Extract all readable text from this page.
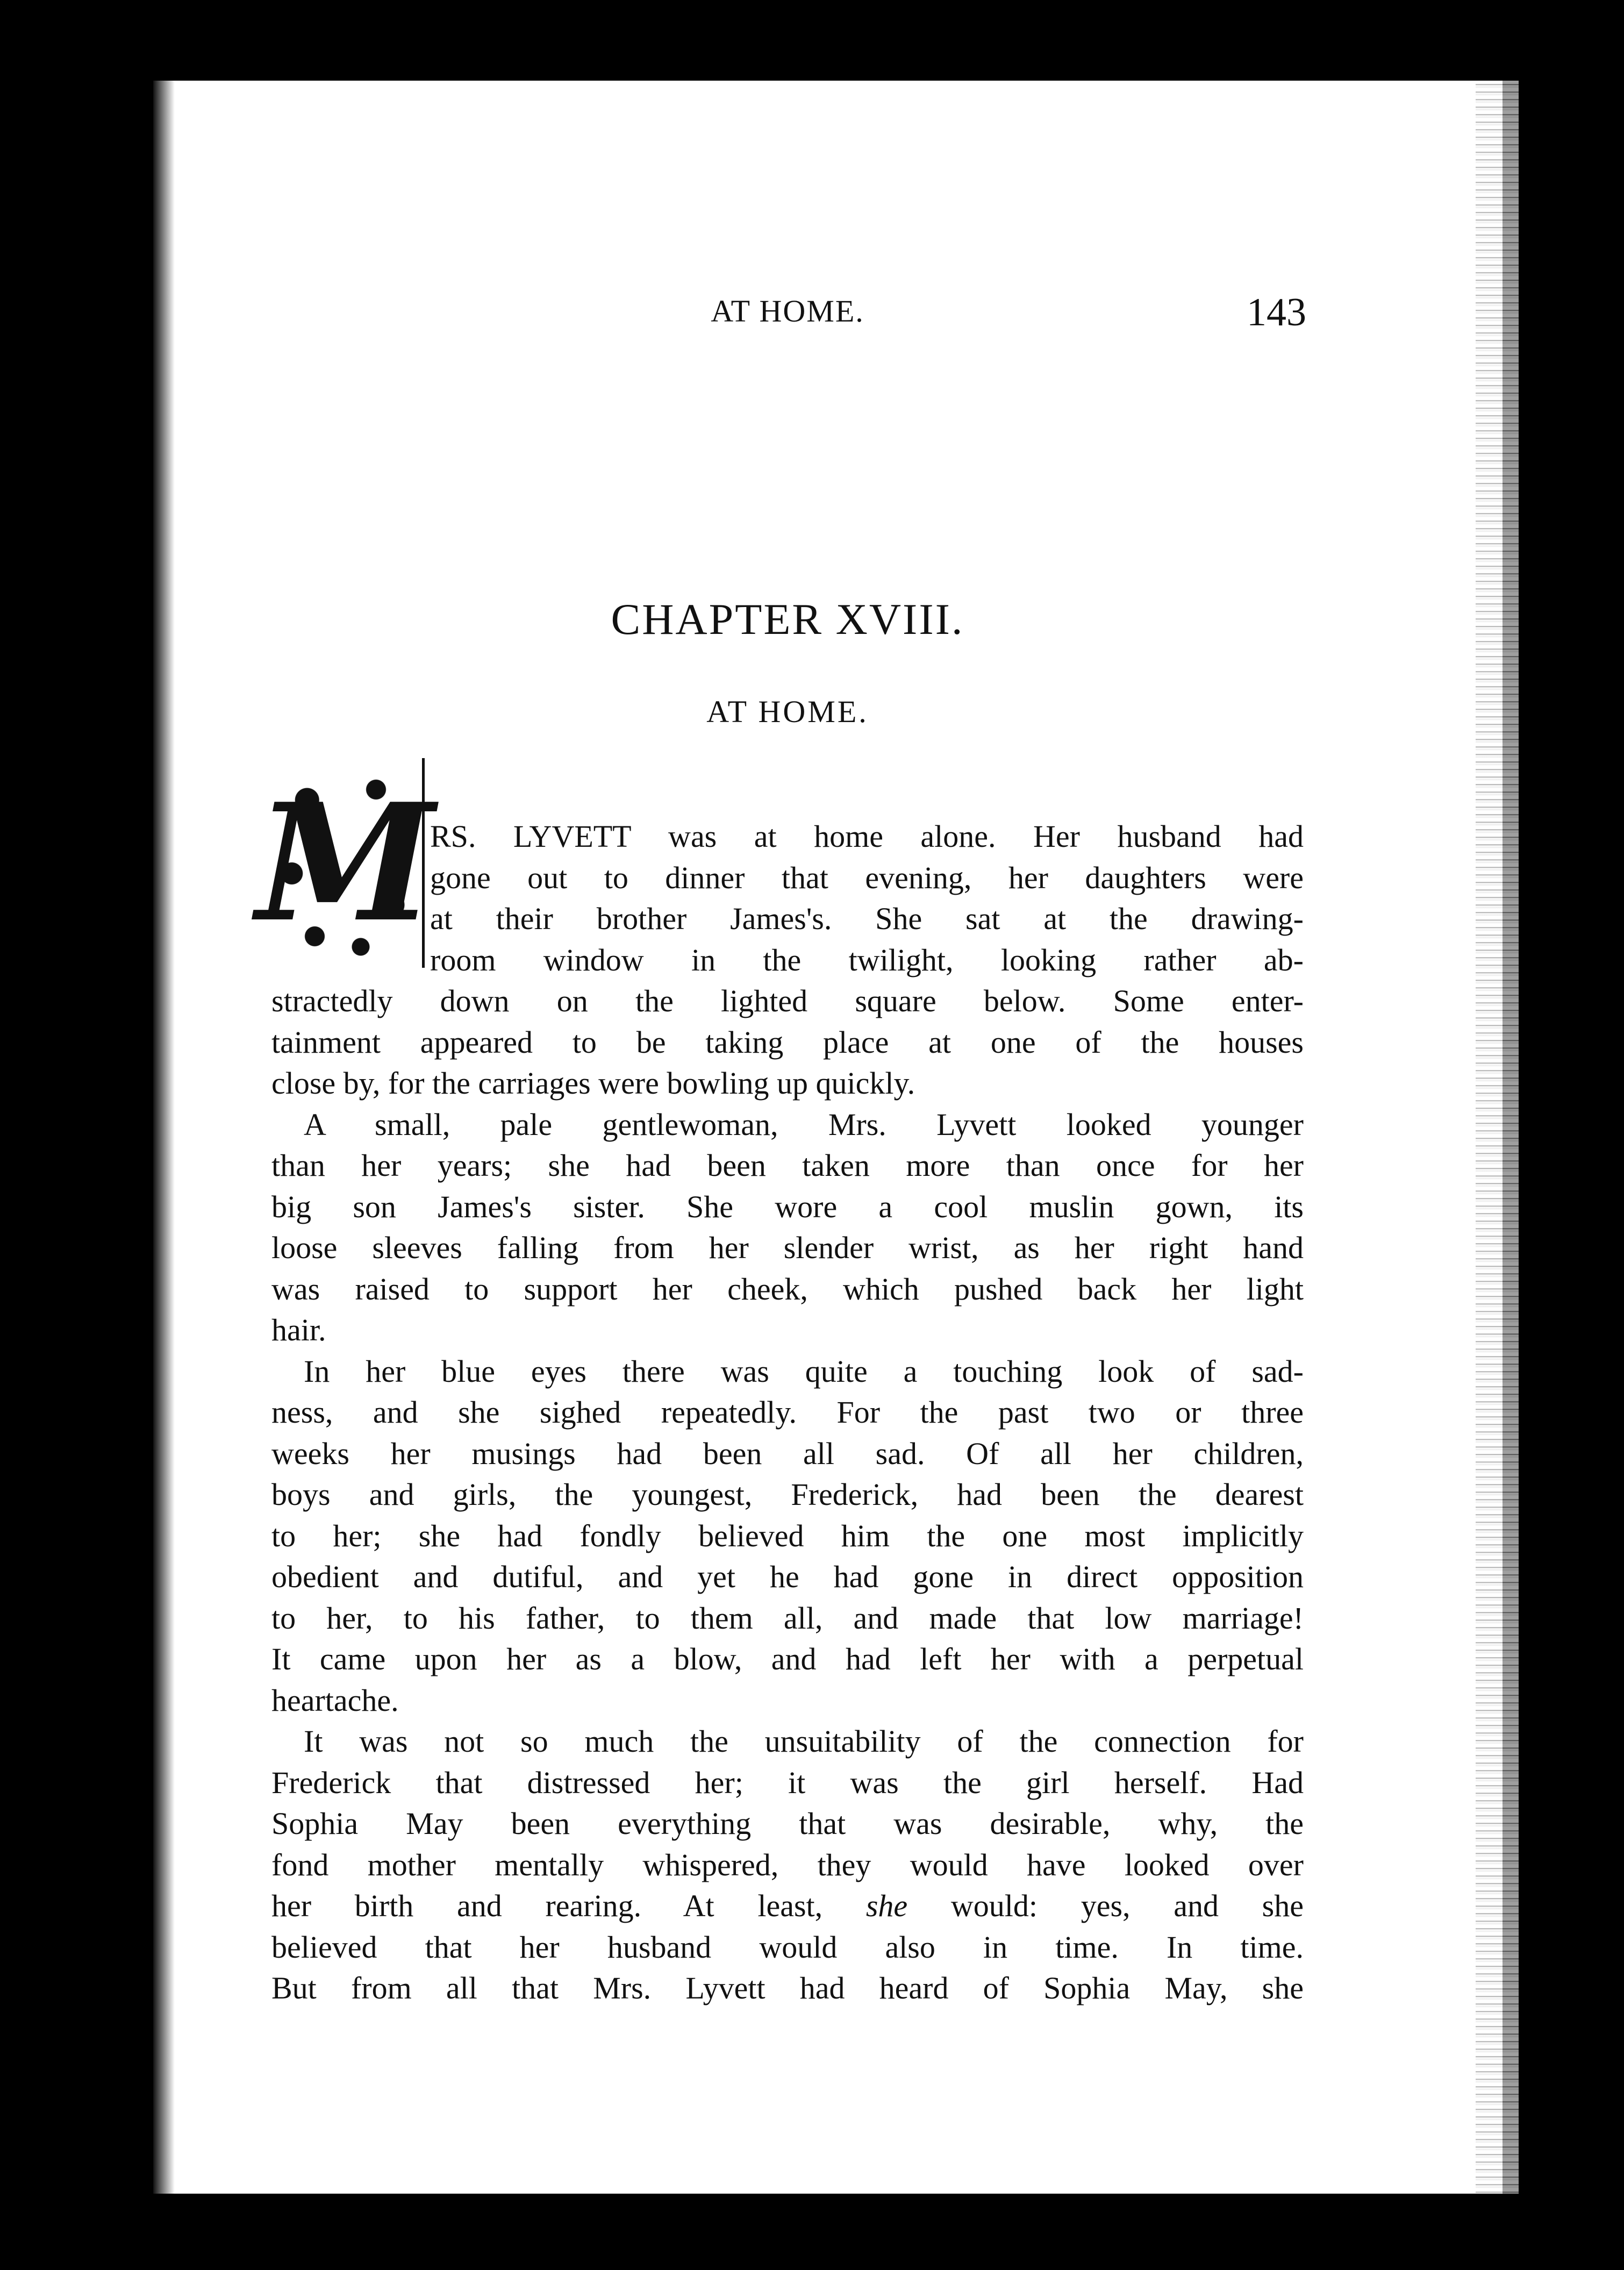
AT HOME.	143
CHAPTER XVIII.
AT HOME.
M
RS. LYVETT was at home alone. Her husband had
gone out to dinner that evening, her daughters were
at their brother James's. She sat at the drawing-
room window in the twilight, looking rather ab-
stractedly down on the lighted square below. Some enter-
tainment appeared to be taking place at one of the houses
close by, for the carriages were bowling up quickly.
A small, pale gentlewoman, Mrs. Lyvett looked younger
than her years; she had been taken more than once for her
big son James's sister. She wore a cool muslin gown, its
loose sleeves falling from her slender wrist, as her right hand
was raised to support her cheek, which pushed back her light
hair.
In her blue eyes there was quite a touching look of sad-
ness, and she sighed repeatedly. For the past two or three
weeks her musings had been all sad. Of all her children,
boys and girls, the youngest, Frederick, had been the dearest
to her; she had fondly believed him the one most implicitly
obedient and dutiful, and yet he had gone in direct opposition
to her, to his father, to them all, and made that low marriage!
It came upon her as a blow, and had left her with a perpetual
heartache.
It was not so much the unsuitability of the connection for
Frederick that distressed her; it was the girl herself. Had
Sophia May been everything that was desirable, why, the
fond mother mentally whispered, they would have looked over
her birth and rearing. At least, she would: yes, and she
believed that her husband would also in time. In time.
But from all that Mrs. Lyvett had heard of Sophia May, she
